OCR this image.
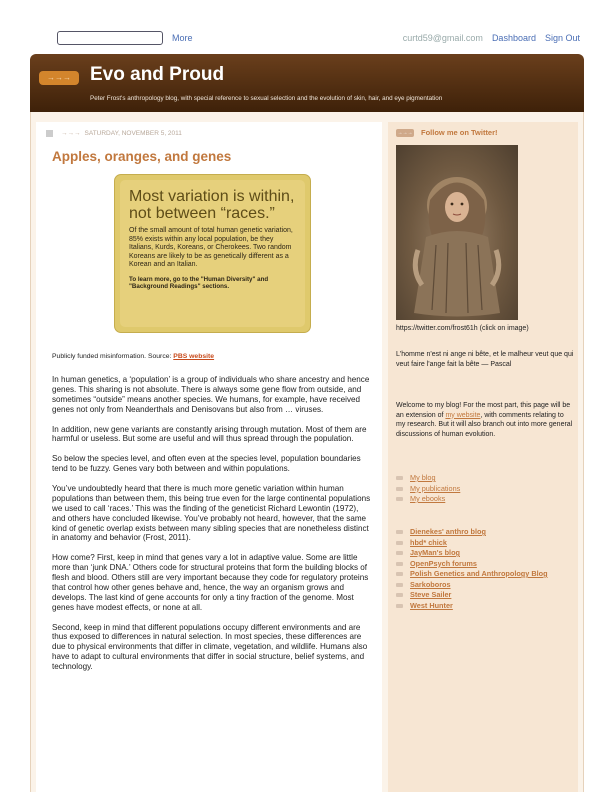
More	curtd59@gmail.com Dashboard Sign Out
→→→	Evo and Proud
Peter Frost's anthropology blog, with special reference to sexual selection and the evolution of skin, hair, and eye pigmentation
→→→ SATURDAY, NOVEMBER 5, 2011
Apples, oranges, and genes
Most variation is within, not between “races.”
Of the small amount of total human genetic variation, 85% exists within any local population, be they Italians, Kurds, Koreans, or Cherokees. Two random Koreans are likely to be as genetically different as a Korean and an Italian.
To learn more, go to the "Human Diversity" and "Background Readings" sections.
Publicly funded misinformation. Source: PBS website

In human genetics, a ‘population’ is a group of individuals who share ancestry and hence genes. This sharing is not absolute. There is always some gene flow from outside, and sometimes “outside” means another species. We humans, for example, have received genes not only from Neanderthals and Denisovans but also from … viruses.

In addition, new gene variants are constantly arising through mutation. Most of them are harmful or useless. But some are useful and will thus spread through the population.

So below the species level, and often even at the species level, population boundaries tend to be fuzzy. Genes vary both between and within populations.

You’ve undoubtedly heard that there is much more genetic variation within human populations than between them, this being true even for the large continental populations we used to call ‘races.’ This was the finding of the geneticist Richard Lewontin (1972), and others have concluded likewise. You’ve probably not heard, however, that the same kind of genetic overlap exists between many sibling species that are nonetheless distinct in anatomy and behavior (Frost, 2011).

How come? First, keep in mind that genes vary a lot in adaptive value. Some are little more than ‘junk DNA.’ Others code for structural proteins that form the building blocks of flesh and blood. Others still are very important because they code for regulatory proteins that control how other genes behave and, hence, the way an organism grows and develops. The last kind of gene accounts for only a tiny fraction of the genome. Most genes have modest effects, or none at all.

Second, keep in mind that different populations occupy different environments and are thus exposed to differences in natural selection. In most species, these differences are due to physical environments that differ in climate, vegetation, and wildlife. Humans also have to adapt to cultural environments that differ in social structure, belief systems, and technology.

→→→ Follow me on Twitter!
https://twitter.com/frost61h (click on image)
L'homme n'est ni ange ni bête, et le malheur veut que qui veut faire l'ange fait la bête — Pascal
Welcome to my blog! For the most part, this page will be an extension of my website, with comments relating to my research. But it will also branch out into more general discussions of human evolution.
My blog
My publications
My ebooks
Dienekes' anthro blog
hbd* chick
JayMan's blog
OpenPsych forums
Polish Genetics and Anthropology Blog
Sarkoboros
Steve Sailer
West Hunter
